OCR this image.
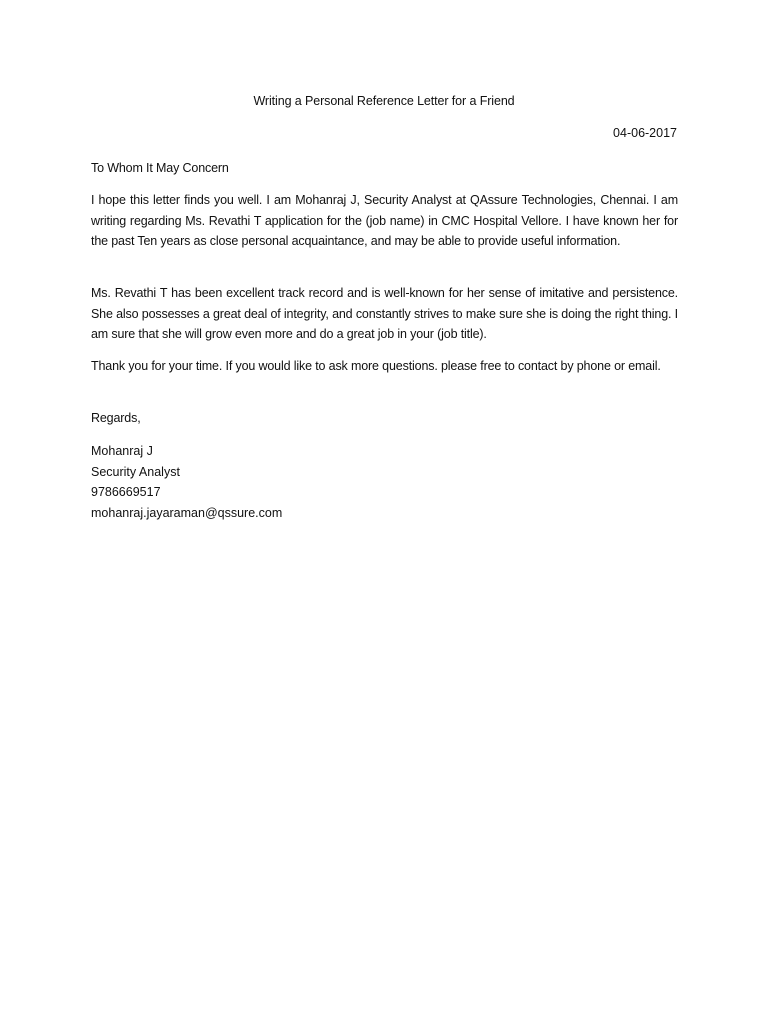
Writing a Personal Reference Letter for a Friend
04-06-2017
To Whom It May Concern
I hope this letter finds you well. I am Mohanraj J, Security Analyst at QAssure Technologies, Chennai. I am writing regarding Ms. Revathi T application for the (job name) in CMC Hospital Vellore. I have known her for the past Ten years as close personal acquaintance, and may be able to provide useful information.
Ms. Revathi T has been excellent track record and is well-known for her sense of imitative and persistence. She also possesses a great deal of integrity, and constantly strives to make sure she is doing the right thing. I am sure that she will grow even more and do a great job in your (job title).
Thank you for your time. If you would like to ask more questions. please free to contact by phone or email.
Regards,
Mohanraj J
Security Analyst
9786669517
mohanraj.jayaraman@qssure.com
